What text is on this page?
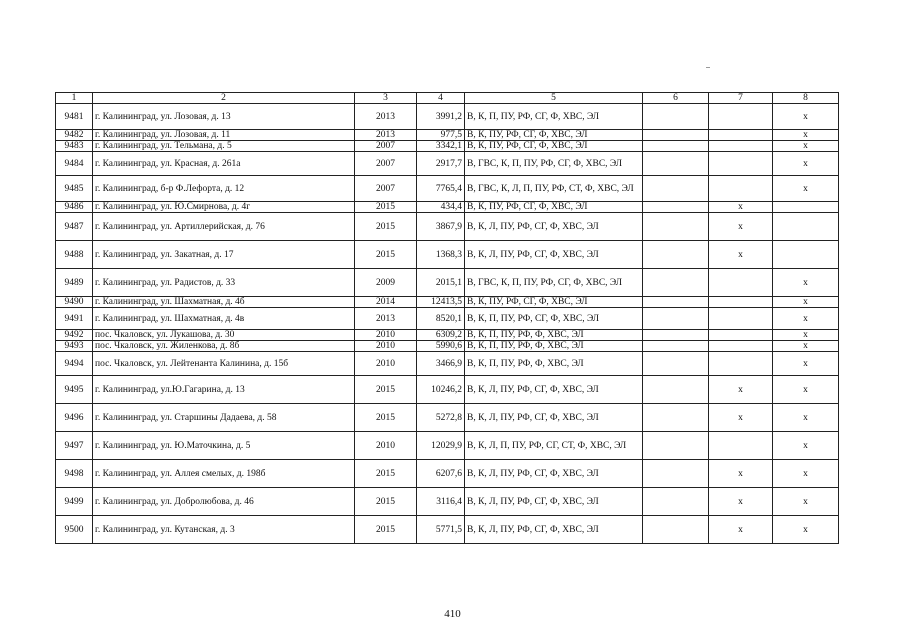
1	2	3	4	5	6	7	8
9481	г. Калининград, ул. Лозовая, д. 13	2013	3991,2	В, К, П, ПУ, РФ, СГ, Ф, ХВС, ЭЛ			х
9482	г. Калининград, ул. Лозовая, д. 11	2013	977,5	В, К, ПУ, РФ, СГ, Ф, ХВС, ЭЛ			х
9483	г. Калининград, ул. Тельмана, д. 5	2007	3342,1	В, К, ПУ, РФ, СГ, Ф, ХВС, ЭЛ			х
9484	г. Калининград, ул. Красная, д. 261а	2007	2917,7	В, ГВС, К, П, ПУ, РФ, СГ, Ф, ХВС, ЭЛ			х
9485	г. Калининград, б-р Ф.Лефорта, д. 12	2007	7765,4	В, ГВС, К, Л, П, ПУ, РФ, СТ, Ф, ХВС, ЭЛ			х
9486	г. Калининград, ул. Ю.Смирнова, д. 4г	2015	434,4	В, К, ПУ, РФ, СГ, Ф, ХВС, ЭЛ		х	
9487	г. Калининград, ул. Артиллерийская, д. 76	2015	3867,9	В, К, Л, ПУ, РФ, СГ, Ф, ХВС, ЭЛ		х	
9488	г. Калининград, ул. Закатная, д. 17	2015	1368,3	В, К, Л, ПУ, РФ, СГ, Ф, ХВС, ЭЛ		х	
9489	г. Калининград, ул. Радистов, д. 33	2009	2015,1	В, ГВС, К, П, ПУ, РФ, СГ, Ф, ХВС, ЭЛ			х
9490	г. Калининград, ул. Шахматная, д. 4б	2014	12413,5	В, К, ПУ, РФ, СГ, Ф, ХВС, ЭЛ			х
9491	г. Калининград, ул. Шахматная, д. 4в	2013	8520,1	В, К, П, ПУ, РФ, СГ, Ф, ХВС, ЭЛ			х
9492	пос. Чкаловск, ул. Лукашова, д. 30	2010	6309,2	В, К, П, ПУ, РФ, Ф, ХВС, ЭЛ			х
9493	пос. Чкаловск, ул. Жиленкова, д. 8б	2010	5990,6	В, К, П, ПУ, РФ, Ф, ХВС, ЭЛ			х
9494	пос. Чкаловск, ул. Лейтенанта Калинина, д. 15б	2010	3466,9	В, К, П, ПУ, РФ, Ф, ХВС, ЭЛ			х
9495	г. Калининград, ул.Ю.Гагарина, д. 13	2015	10246,2	В, К, Л, ПУ, РФ, СГ, Ф, ХВС, ЭЛ		х	х
9496	г. Калининград, ул. Старшины Дадаева, д. 58	2015	5272,8	В, К, Л, ПУ, РФ, СГ, Ф, ХВС, ЭЛ		х	х
9497	г. Калининград, ул. Ю.Маточкина, д. 5	2010	12029,9	В, К, Л, П, ПУ, РФ, СГ, СТ, Ф, ХВС, ЭЛ			х
9498	г. Калининград, ул. Аллея смелых, д. 198б	2015	6207,6	В, К, Л, ПУ, РФ, СГ, Ф, ХВС, ЭЛ		х	х
9499	г. Калининград, ул. Добролюбова, д. 46	2015	3116,4	В, К, Л, ПУ, РФ, СГ, Ф, ХВС, ЭЛ		х	х
9500	г. Калининград, ул. Кутанская, д. 3	2015	5771,5	В, К, Л, ПУ, РФ, СГ, Ф, ХВС, ЭЛ		х	х
410
